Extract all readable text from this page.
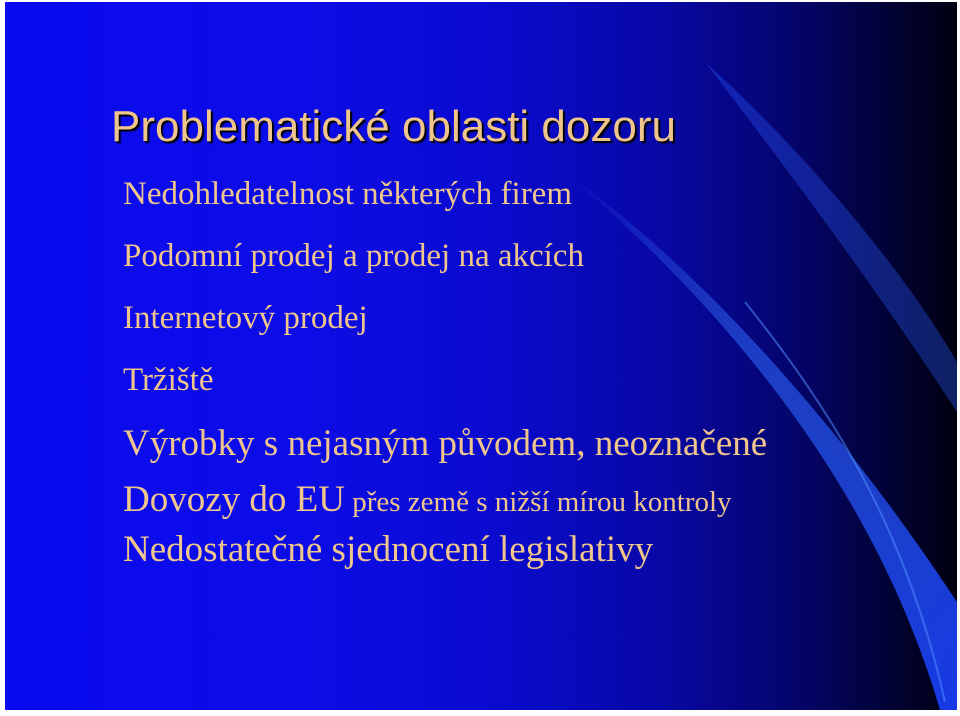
Problematické oblasti dozoru
Nedohledatelnost některých firem
Podomní prodej a prodej na akcích
Internetový prodej
Tržiště
Výrobky s nejasným původem, neoznačené
Dovozy do EU přes země s nižší mírou kontroly
Nedostatečné sjednocení legislativy
